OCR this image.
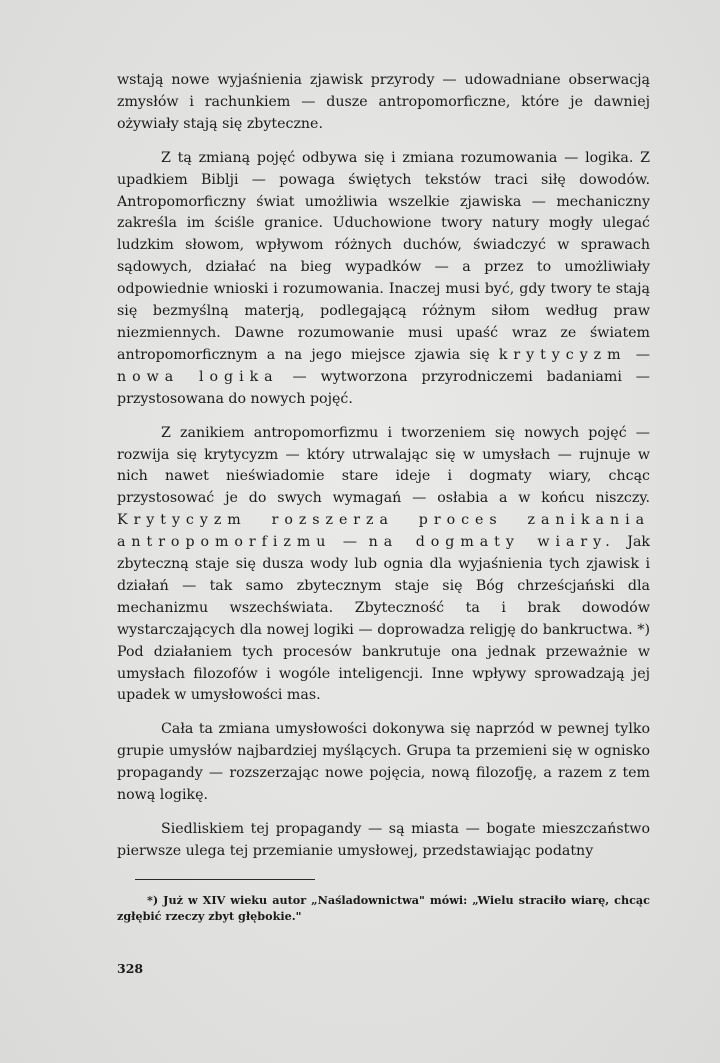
wstają nowe wyjaśnienia zjawisk przyrody — udowadniane obserwacją zmysłów i rachunkiem — dusze antropomorficzne, które je dawniej ożywiały stają się zbyteczne.

Z tą zmianą pojęć odbywa się i zmiana rozumowania — logika. Z upadkiem Biblji — powaga świętych tekstów traci siłę dowodów. Antropomorficzny świat umożliwia wszelkie zjawiska — mechaniczny zakreśla im ściśle granice. Uduchowione twory natury mogły ulegać ludzkim słowom, wpływom różnych duchów, świadczyć w sprawach sądowych, działać na bieg wypadków — a przez to umożliwiały odpowiednie wnioski i rozumowania. Inaczej musi być, gdy twory te stają się bezmyślną materją, podlegającą różnym siłom według praw niezmiennych. Dawne rozumowanie musi upaść wraz ze światem antropomorficznym a na jego miejsce zjawia się krytycyzm — nowa logika — wytworzona przyrodniczemi badaniami — przystosowana do nowych pojęć.

Z zanikiem antropomorfizmu i tworzeniem się nowych pojęć — rozwija się krytycyzm — który utrwalając się w umysłach — rujnuje w nich nawet nieświadomie stare ideje i dogmaty wiary, chcąc przystosować je do swych wymagań — osłabia a w końcu niszczy. Krytycyzm rozszerza proces zanikania antropomorfizmu — na dogmaty wiary. Jak zbyteczną staje się dusza wody lub ognia dla wyjaśnienia tych zjawisk i działań — tak samo zbytecznym staje się Bóg chrześcjański dla mechanizmu wszechświata. Zbyteczność ta i brak dowodów wystarczających dla nowej logiki — doprowadza religję do bankructwa. *) Pod działaniem tych procesów bankrutuje ona jednak przeważnie w umysłach filozofów i wogóle inteligencji. Inne wpływy sprowadzają jej upadek w umysłowości mas.

Cała ta zmiana umysłowości dokonywa się naprzód w pewnej tylko grupie umysłów najbardziej myślących. Grupa ta przemieni się w ognisko propagandy — rozszerzając nowe pojęcia, nową filozofję, a razem z tem nową logikę.

Siedliskiem tej propagandy — są miasta — bogate mieszczaństwo pierwsze ulega tej przemianie umysłowej, przedstawiając podatny

*) Już w XIV wieku autor „Naśladownictwa" mówi: „Wielu straciło wiarę, chcąc zgłębić rzeczy zbyt głębokie."

328
